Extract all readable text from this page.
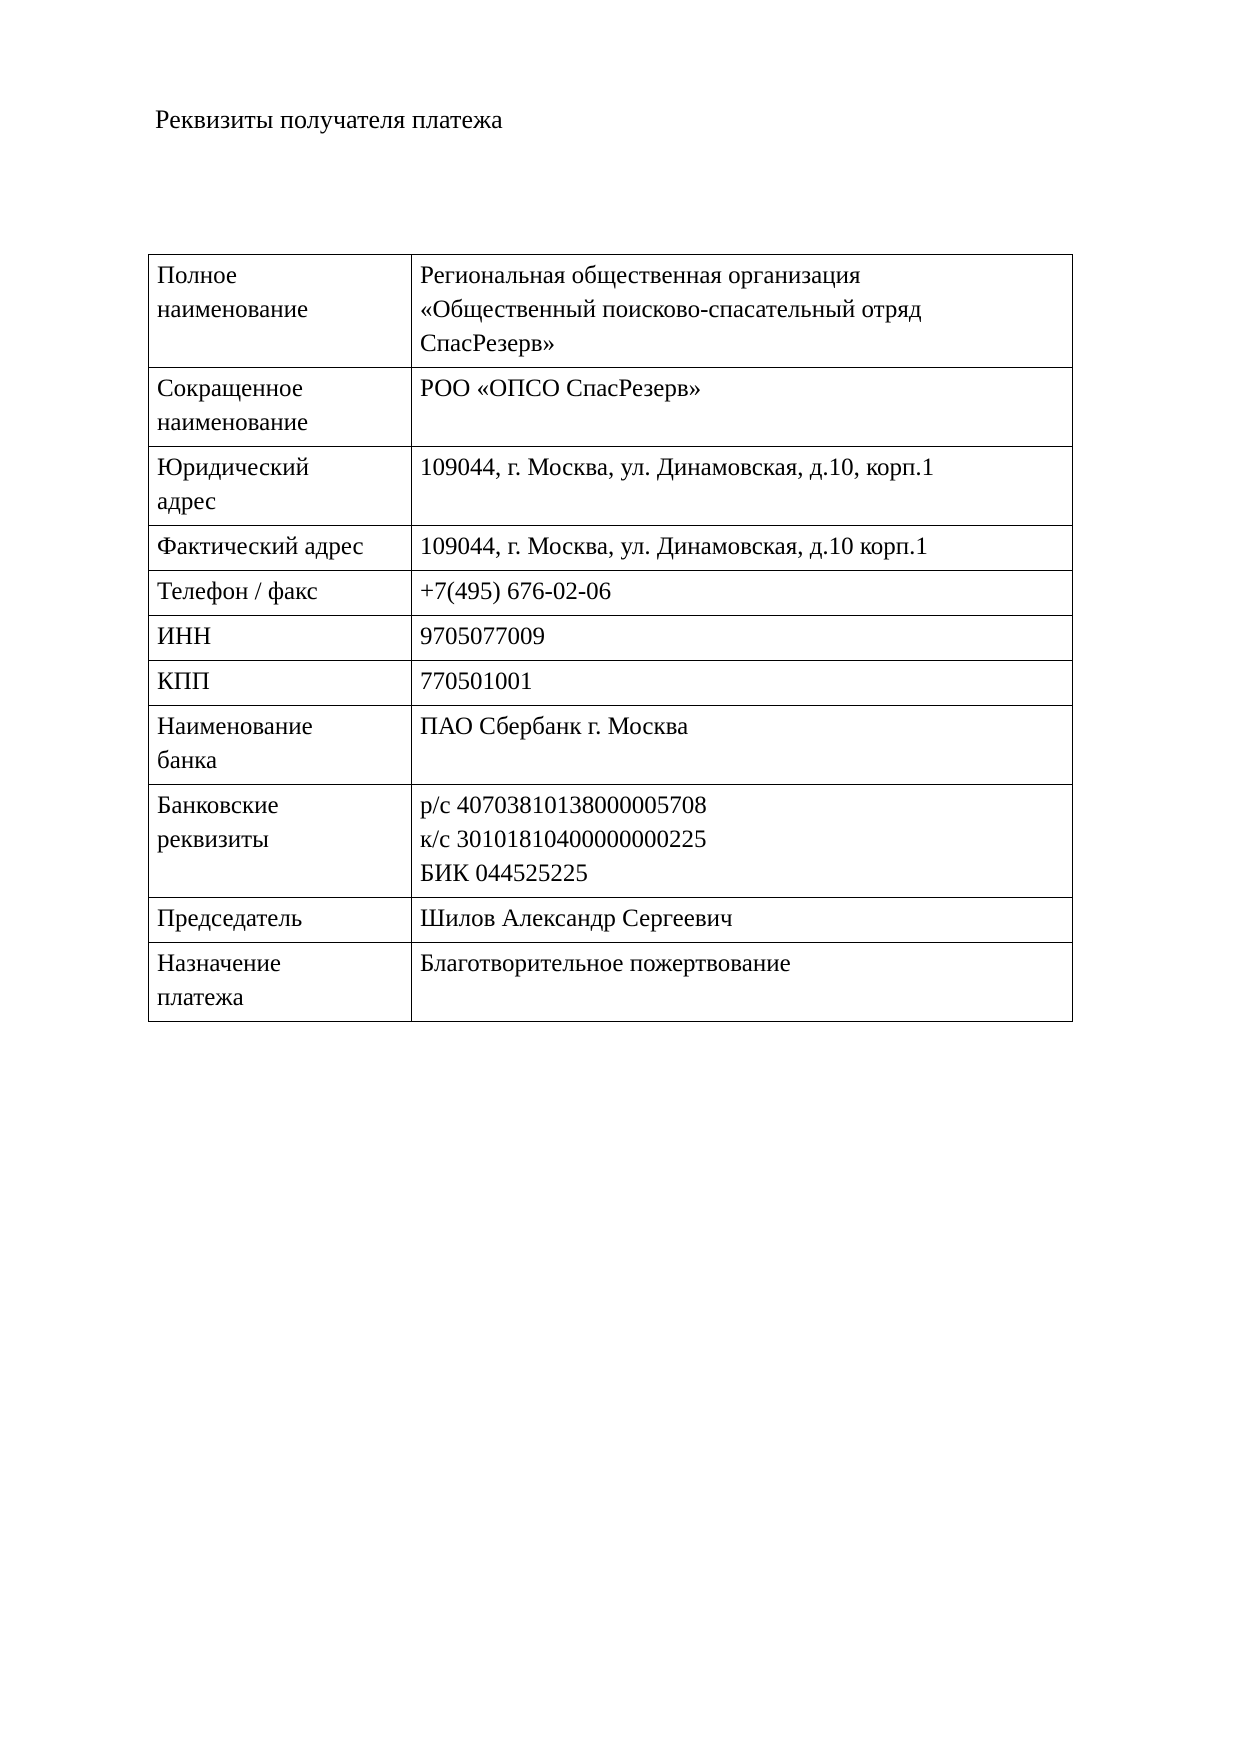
Реквизиты получателя платежа
Полное
наименование	Региональная общественная организация
«Общественный поисково-спасательный отряд
СпасРезерв»

Сокращенное
наименование	РОО «ОПСО СпасРезерв»

Юридический
адрес	109044, г. Москва, ул. Динамовская, д.10, корп.1

Фактический адрес	109044, г. Москва, ул. Динамовская, д.10 корп.1

Телефон / факс	+7(495) 676-02-06

ИНН	9705077009

КПП	770501001

Наименование
банка	ПАО Сбербанк г. Москва

Банковские
реквизиты	р/с 40703810138000005708
к/с 30101810400000000225
БИК 044525225

Председатель	Шилов Александр Сергеевич

Назначение
платежа	Благотворительное пожертвование
